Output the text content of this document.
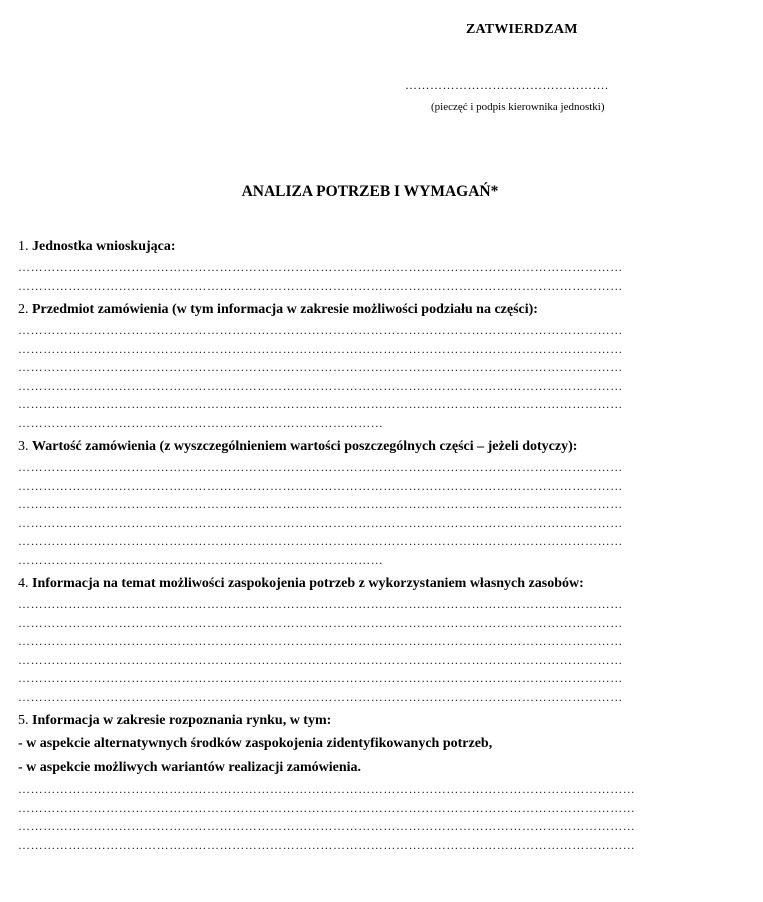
ZATWIERDZAM
………………………………………….
(pieczęć i podpis kierownika jednostki)
ANALIZA POTRZEB I WYMAGAŃ*
1. Jednostka wnioskująca:
………………………………………………………………………………………………………………………………
………………………………………………………………………………………………………………………………
2. Przedmiot zamówienia (w tym informacja w zakresie możliwości podziału na części):
………………………………………………………………………………………………………………………………
………………………………………………………………………………………………………………………………
………………………………………………………………………………………………………………………………
………………………………………………………………………………………………………………………………
………………………………………………………………………………………………………………………………
……………………………………………………………………………
3. Wartość zamówienia (z wyszczególnieniem wartości poszczególnych części – jeżeli dotyczy):
………………………………………………………………………………………………………………………………
………………………………………………………………………………………………………………………………
………………………………………………………………………………………………………………………………
………………………………………………………………………………………………………………………………
………………………………………………………………………………………………………………………………
……………………………………………………………………………
4. Informacja na temat możliwości zaspokojenia potrzeb z wykorzystaniem własnych zasobów:
………………………………………………………………………………………………………………………………
………………………………………………………………………………………………………………………………
………………………………………………………………………………………………………………………………
………………………………………………………………………………………………………………………………
………………………………………………………………………………………………………………………………
………………………………………………………………………………………………………………………………
5. Informacja w zakresie rozpoznania rynku, w tym:
- w aspekcie alternatywnych środków zaspokojenia zidentyfikowanych potrzeb,
- w aspekcie możliwych wariantów realizacji zamówienia.
…………………………………………………………………………………………………………………………………
…………………………………………………………………………………………………………………………………
…………………………………………………………………………………………………………………………………
…………………………………………………………………………………………………………………………………
